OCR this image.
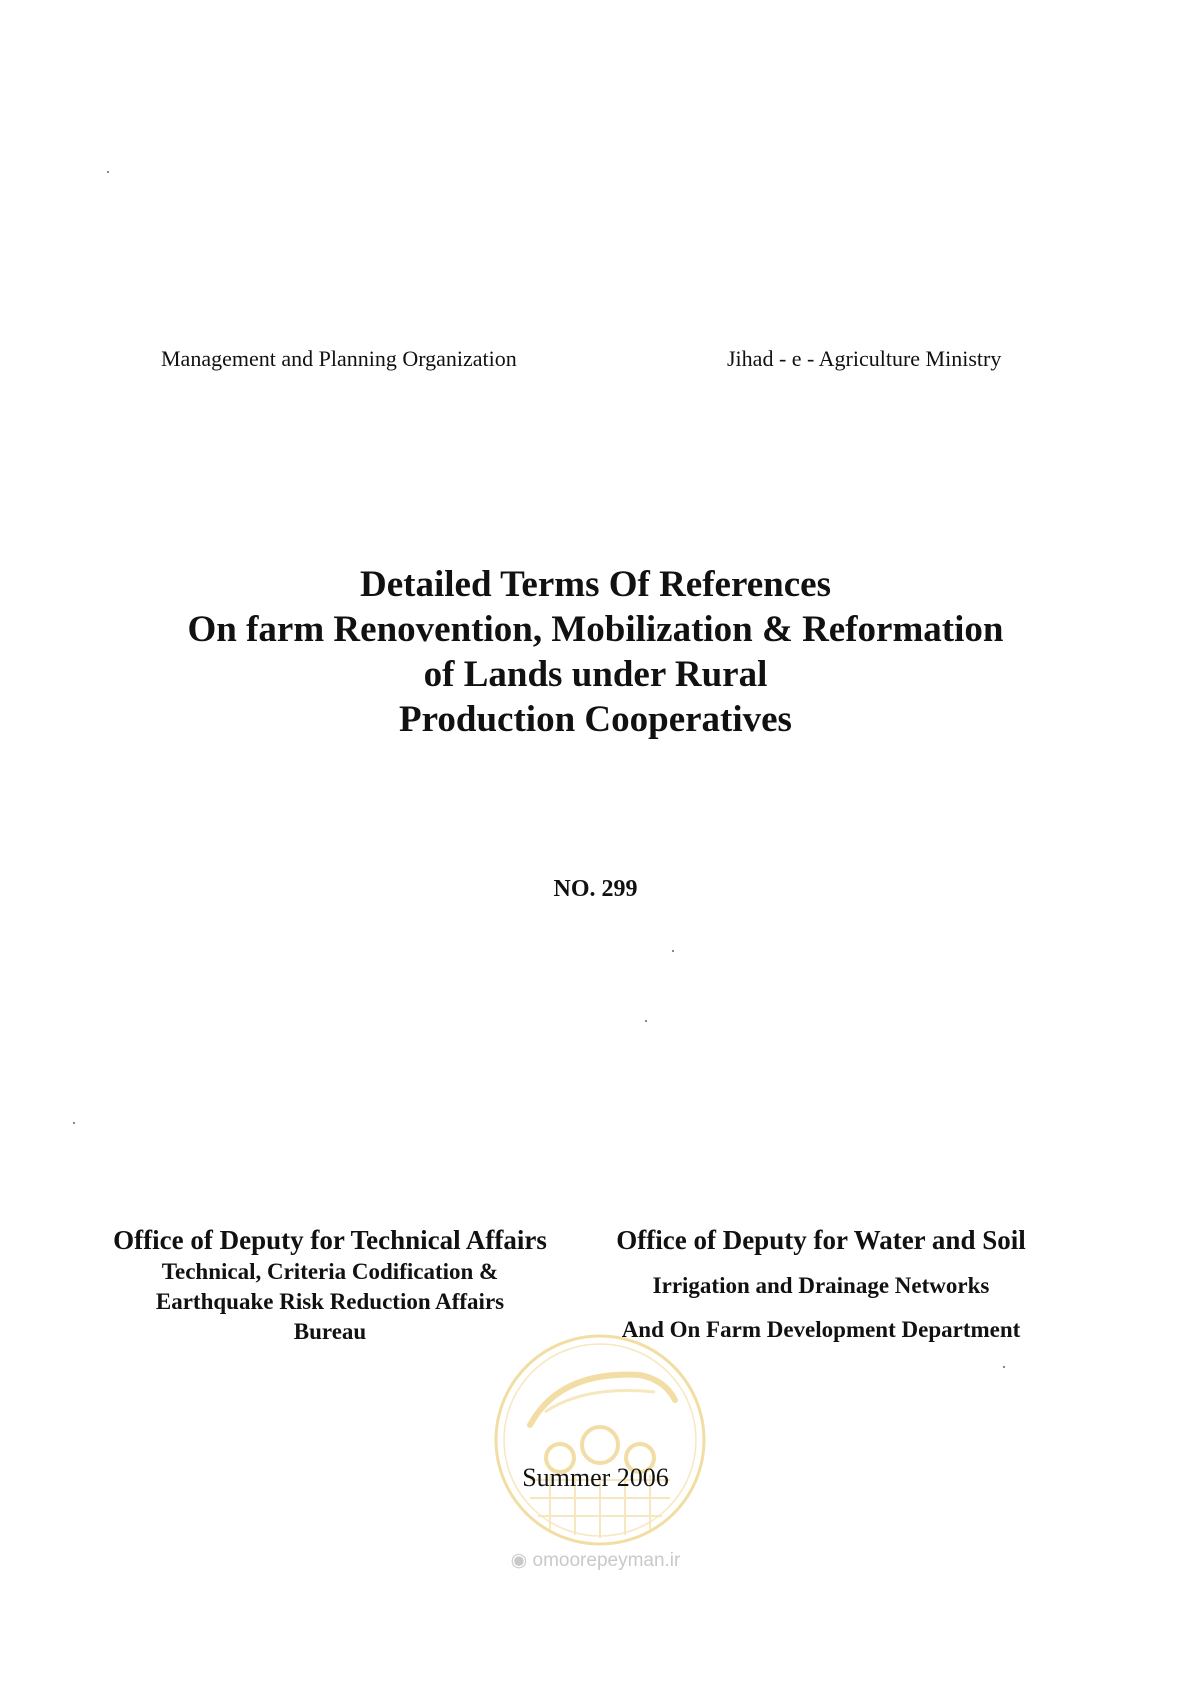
Management and Planning Organization	Jihad - e - Agriculture Ministry
Detailed Terms Of References
On farm Renovention, Mobilization & Reformation
of Lands under Rural
Production Cooperatives
NO. 299
Office of Deputy for Technical Affairs
Technical, Criteria Codification &
Earthquake Risk Reduction Affairs
Bureau
Office of Deputy for Water and Soil
Irrigation and Drainage Networks
And On Farm Development Department
Summer 2006
◉ omoorepeyman.ir
